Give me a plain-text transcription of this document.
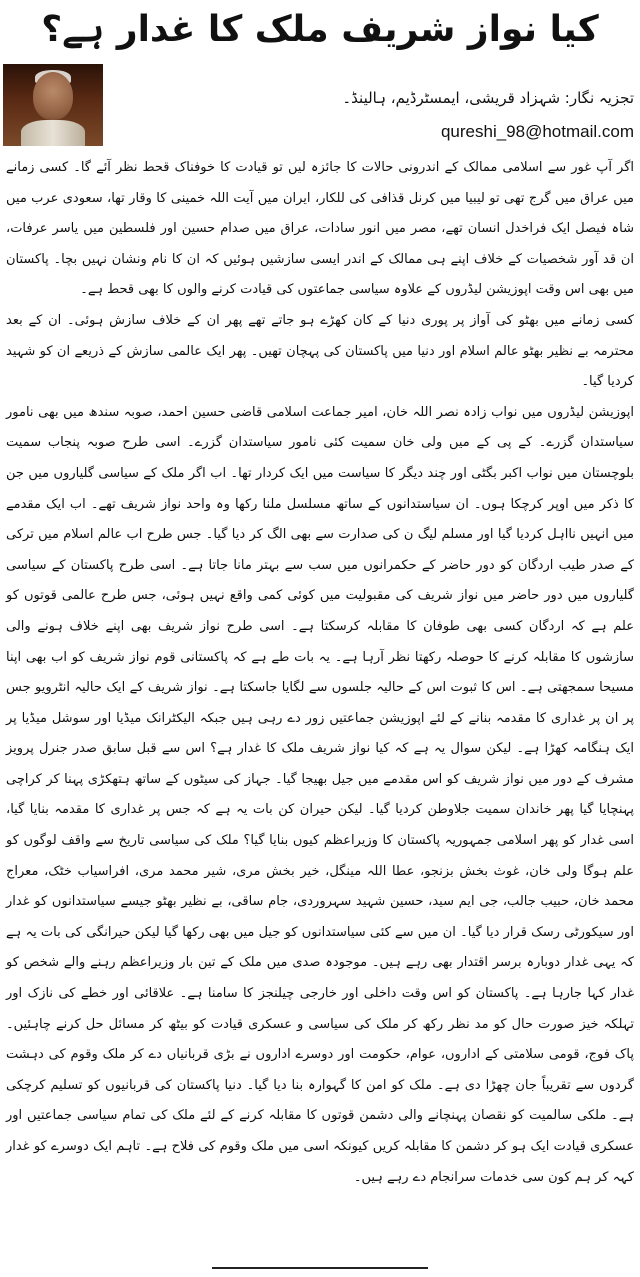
کیا نواز شریف ملک کا غدار ہے؟
تجزیہ نگار: شہزاد قریشی، ایمسٹرڈیم، ہالینڈ۔
qureshi_98@hotmail.com

اگر آپ غور سے اسلامی ممالک کے اندرونی حالات کا جائزہ لیں تو قیادت کا خوفناک قحط نظر آئے گا۔ کسی زمانے میں عراق میں گرج تھی تو لیبیا میں کرنل قذافی کی للکار، ایران میں آیت اللہ خمینی کا وقار تھا، سعودی عرب میں شاہ فیصل ایک فراخدل انسان تھے، مصر میں انور سادات، عراق میں صدام حسین اور فلسطین میں یاسر عرفات، ان قد آور شخصیات کے خلاف اپنے ہی ممالک کے اندر ایسی سازشیں ہوئیں کہ ان کا نام ونشان نہیں بچا۔ پاکستان میں بھی اس وقت اپوزیشن لیڈروں کے علاوہ سیاسی جماعتوں کی قیادت کرنے والوں کا بھی قحط ہے۔

کسی زمانے میں بھٹو کی آواز پر پوری دنیا کے کان کھڑے ہو جاتے تھے پھر ان کے خلاف سازش ہوئی۔ ان کے بعد محترمہ بے نظیر بھٹو عالم اسلام اور دنیا میں پاکستان کی پہچان تھیں۔ پھر ایک عالمی سازش کے ذریعے ان کو شہید کردیا گیا۔

اپوزیشن لیڈروں میں نواب زادہ نصر اللہ خان، امیر جماعت اسلامی قاضی حسین احمد، صوبہ سندھ میں بھی نامور سیاستدان گزرے۔ کے پی کے میں ولی خان سمیت کئی نامور سیاستدان گزرے۔ اسی طرح صوبہ پنجاب سمیت بلوچستان میں نواب اکبر بگٹی اور چند دیگر کا سیاست میں ایک کردار تھا۔ اب اگر ملک کے سیاسی گلیاروں میں جن کا ذکر میں اوپر کرچکا ہوں۔ ان سیاستدانوں کے ساتھ مسلسل ملنا رکھا وہ واحد نواز شریف تھے۔ اب ایک مقدمے میں انہیں نااہل کردیا گیا اور مسلم لیگ ن کی صدارت سے بھی الگ کر دیا گیا۔ جس طرح اب عالم اسلام میں ترکی کے صدر طیب اردگان کو دور حاضر کے حکمرانوں میں سب سے بہتر مانا جاتا ہے۔ اسی طرح پاکستان کے سیاسی گلیاروں میں دور حاضر میں نواز شریف کی مقبولیت میں کوئی کمی واقع نہیں ہوئی، جس طرح عالمی قوتوں کو علم ہے کہ اردگان کسی بھی طوفان کا مقابلہ کرسکتا ہے۔ اسی طرح نواز شریف بھی اپنے خلاف ہونے والی سازشوں کا مقابلہ کرنے کا حوصلہ رکھتا نظر آرہا ہے۔ یہ بات طے ہے کہ پاکستانی قوم نواز شریف کو اب بھی اپنا مسیحا سمجھتی ہے۔ اس کا ثبوت اس کے حالیہ جلسوں سے لگایا جاسکتا ہے۔ نواز شریف کے ایک حالیہ انٹرویو جس پر ان پر غداری کا مقدمہ بنانے کے لئے اپوزیشن جماعتیں زور دے رہی ہیں جبکہ الیکٹرانک میڈیا اور سوشل میڈیا پر ایک ہنگامہ کھڑا ہے۔ لیکن سوال یہ ہے کہ کیا نواز شریف ملک کا غدار ہے؟ اس سے قبل سابق صدر جنرل پرویز مشرف کے دور میں نواز شریف کو اس مقدمے میں جیل بھیجا گیا۔ جہاز کی سیٹوں کے ساتھ ہتھکڑی پہنا کر کراچی پہنچایا گیا پھر خاندان سمیت جلاوطن کردیا گیا۔ لیکن حیران کن بات یہ ہے کہ جس پر غداری کا مقدمہ بنایا گیا، اسی غدار کو پھر اسلامی جمہوریہ پاکستان کا وزیراعظم کیوں بنایا گیا؟ ملک کی سیاسی تاریخ سے واقف لوگوں کو علم ہوگا ولی خان، غوث بخش بزنجو، عطا اللہ مینگل، خیر بخش مری، شیر محمد مری، افراسیاب خٹک، معراج محمد خان، حبیب جالب، جی ایم سید، حسین شہید سہروردی، جام ساقی، بے نظیر بھٹو جیسے سیاستدانوں کو غدار اور سیکورٹی رسک قرار دیا گیا۔ ان میں سے کئی سیاستدانوں کو جیل میں بھی رکھا گیا لیکن حیرانگی کی بات یہ ہے کہ یہی غدار دوبارہ برسر اقتدار بھی رہے ہیں۔ موجودہ صدی میں ملک کے تین بار وزیراعظم رہنے والے شخص کو غدار کہا جارہا ہے۔ پاکستان کو اس وقت داخلی اور خارجی چیلنجز کا سامنا ہے۔ علاقائی اور خطے کی نازک اور تہلکہ خیز صورت حال کو مد نظر رکھ کر ملک کی سیاسی و عسکری قیادت کو بیٹھ کر مسائل حل کرنے چاہئیں۔ پاک فوج، قومی سلامتی کے اداروں، عوام، حکومت اور دوسرے اداروں نے بڑی قربانیاں دے کر ملک وقوم کی دہشت گردوں سے تقریباً جان چھڑا دی ہے۔ ملک کو امن کا گہوارہ بنا دیا گیا۔ دنیا پاکستان کی قربانیوں کو تسلیم کرچکی ہے۔ ملکی سالمیت کو نقصان پہنچانے والی دشمن قوتوں کا مقابلہ کرنے کے لئے ملک کی تمام سیاسی جماعتیں اور عسکری قیادت ایک ہو کر دشمن کا مقابلہ کریں کیونکہ اسی میں ملک وقوم کی فلاح ہے۔ تاہم ایک دوسرے کو غدار کہہ کر ہم کون سی خدمات سرانجام دے رہے ہیں۔
